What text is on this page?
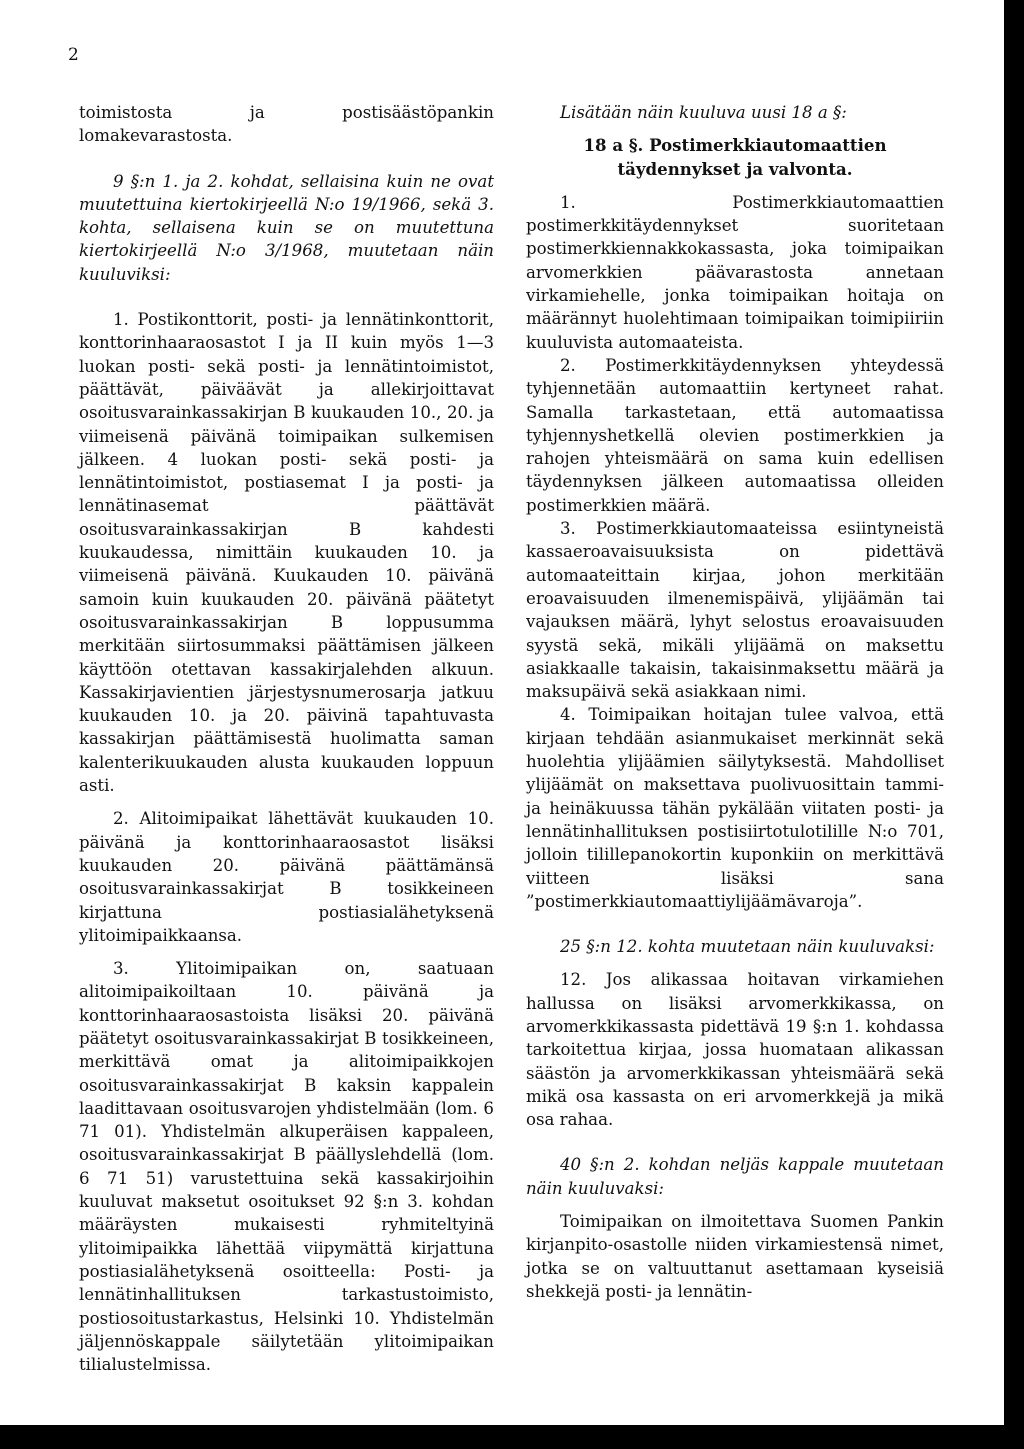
2

toimistosta ja postisäästöpankin lomakevarastosta.

9 §:n 1. ja 2. kohdat, sellaisina kuin ne ovat muutettuina kiertokirjeellä N:o 19/1966, sekä 3. kohta, sellaisena kuin se on muutettuna kiertokirjeellä N:o 3/1968, muutetaan näin kuuluviksi:

1. Postikonttorit, posti- ja lennätinkonttorit, konttorinhaaraosastot I ja II kuin myös 1—3 luokan posti- sekä posti- ja lennätintoimistot, päättävät, päiväävät ja allekirjoittavat osoitusvarainkassakirjan B kuukauden 10., 20. ja viimeisenä päivänä toimipaikan sulkemisen jälkeen. 4 luokan posti- sekä posti- ja lennätintoimistot, postiasemat I ja posti- ja lennätinasemat päättävät osoitusvarainkassakirjan B kahdesti kuukaudessa, nimittäin kuukauden 10. ja viimeisenä päivänä. Kuukauden 10. päivänä samoin kuin kuukauden 20. päivänä päätetyt osoitusvarainkassakirjan B loppusumma merkitään siirtosummaksi päättämisen jälkeen käyttöön otettavan kassakirjalehden alkuun. Kassakirjavientien järjestysnumerosarja jatkuu kuukauden 10. ja 20. päivinä tapahtuvasta kassakirjan päättämisestä huolimatta saman kalenterikuukauden alusta kuukauden loppuun asti.

2. Alitoimipaikat lähettävät kuukauden 10. päivänä ja konttorinhaaraosastot lisäksi kuukauden 20. päivänä päättämänsä osoitusvarainkassakirjat B tosikkeineen kirjattuna postiasialähetyksenä ylitoimipaikkaansa.

3. Ylitoimipaikan on, saatuaan alitoimipaikoiltaan 10. päivänä ja konttorinhaaraosastoista lisäksi 20. päivänä päätetyt osoitusvarainkassakirjat B tosikkeineen, merkittävä omat ja alitoimipaikkojen osoitusvarainkassakirjat B kaksin kappalein laadittavaan osoitusvarojen yhdistelmään (lom. 6 71 01). Yhdistelmän alkuperäisen kappaleen, osoitusvarainkassakirjat B päällyslehdellä (lom. 6 71 51) varustettuina sekä kassakirjoihin kuuluvat maksetut osoitukset 92 §:n 3. kohdan määräysten mukaisesti ryhmiteltyinä ylitoimipaikka lähettää viipymättä kirjattuna postiasialähetyksenä osoitteella: Posti- ja lennätinhallituksen tarkastustoimisto, postiosoitustarkastus, Helsinki 10. Yhdistelmän jäljennöskappale säilytetään ylitoimipaikan tilialustelmissa.

Lisätään näin kuuluva uusi 18 a §:

18 a §. Postimerkkiautomaattien täydennykset ja valvonta.

1. Postimerkkiautomaattien postimerkkitäydennykset suoritetaan postimerkkiennakkokassasta, joka toimipaikan arvomerkkien päävarastosta annetaan virkamiehelle, jonka toimipaikan hoitaja on määrännyt huolehtimaan toimipaikan toimipiiriin kuuluvista automaateista.

2. Postimerkkitäydennyksen yhteydessä tyhjennetään automaattiin kertyneet rahat. Samalla tarkastetaan, että automaatissa tyhjennyshetkellä olevien postimerkkien ja rahojen yhteismäärä on sama kuin edellisen täydennyksen jälkeen automaatissa olleiden postimerkkien määrä.

3. Postimerkkiautomaateissa esiintyneistä kassaeroavaisuuksista on pidettävä automaateittain kirjaa, johon merkitään eroavaisuuden ilmenemispäivä, ylijäämän tai vajauksen määrä, lyhyt selostus eroavaisuuden syystä sekä, mikäli ylijäämä on maksettu asiakkaalle takaisin, takaisinmaksettu määrä ja maksupäivä sekä asiakkaan nimi.

4. Toimipaikan hoitajan tulee valvoa, että kirjaan tehdään asianmukaiset merkinnät sekä huolehtia ylijäämien säilytyksestä. Mahdolliset ylijäämät on maksettava puolivuosittain tammi- ja heinäkuussa tähän pykälään viitaten posti- ja lennätinhallituksen postisiirtotulotilille N:o 701, jolloin tilillepanokortin kuponkiin on merkittävä viitteen lisäksi sana ”postimerkkiautomaattiylijäämävaroja”.

25 §:n 12. kohta muutetaan näin kuuluvaksi:

12. Jos alikassaa hoitavan virkamiehen hallussa on lisäksi arvomerkkikassa, on arvomerkkikassasta pidettävä 19 §:n 1. kohdassa tarkoitettua kirjaa, jossa huomataan alikassan säästön ja arvomerkkikassan yhteismäärä sekä mikä osa kassasta on eri arvomerkkejä ja mikä osa rahaa.

40 §:n 2. kohdan neljäs kappale muutetaan näin kuuluvaksi:

Toimipaikan on ilmoitettava Suomen Pankin kirjanpito-osastolle niiden virkamiestensä nimet, jotka se on valtuuttanut asettamaan kyseisiä shekkejä posti- ja lennätin-
